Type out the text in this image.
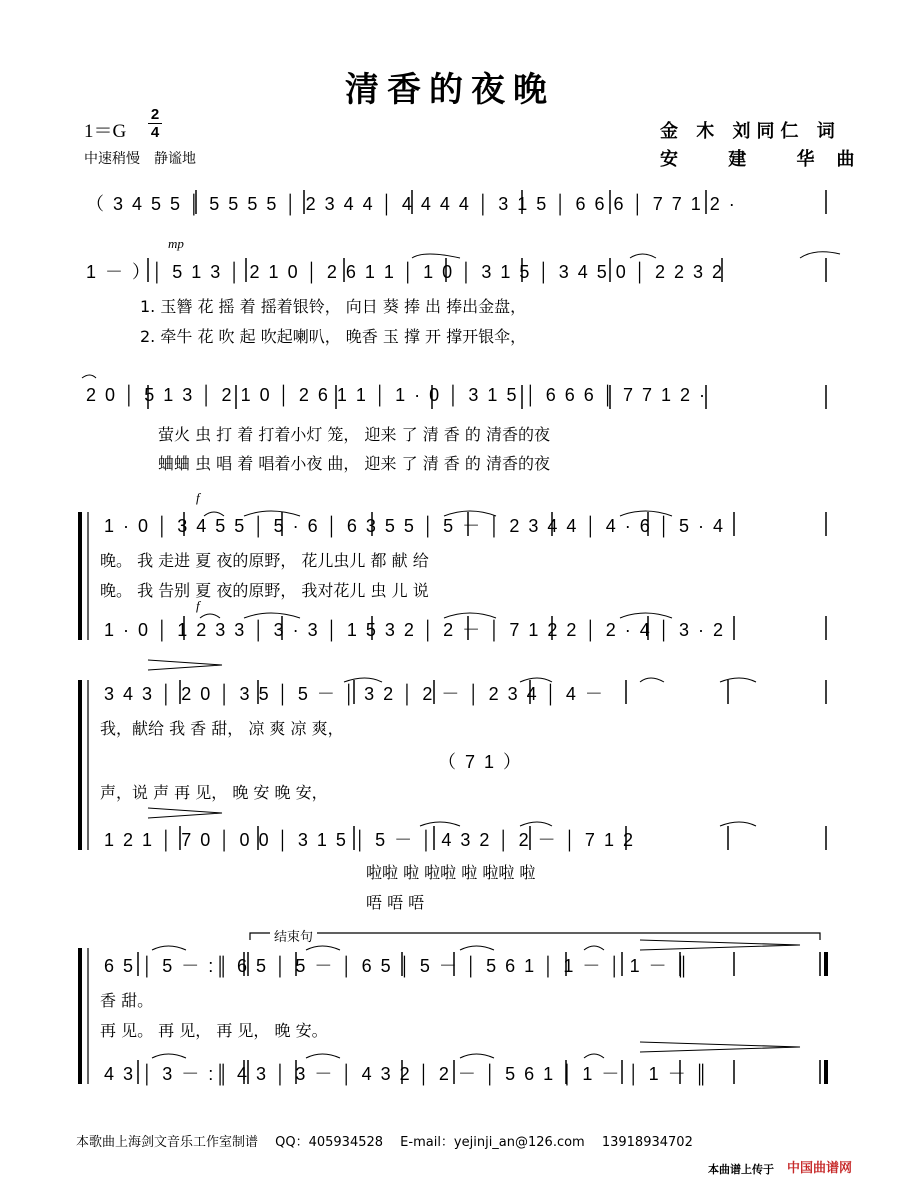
清香的夜晚
1＝G
2
4
中速稍慢　静谧地
金 木 刘同仁 词
安 建 华曲
（ 3 4 5 5 │ 5 5 5 5 │ 2 3 4 4 │ 4 4 4 4 │ 3 1 5 │ 6 6 6 │ 7 7 1 2 ·
mp
1 － ）│ 5 1 3 │ 2 1 0 │ 2 6 1 1 │ 1 0 │ 3 1 5 │ 3 4 5 0 │ 2 2 3 2
1. 玉簪 花 摇 着 摇着银铃， 向日 葵 捧 出 捧出金盘，
2. 牵牛 花 吹 起 吹起喇叭， 晚香 玉 撑 开 撑开银伞，
2 0 │ 5 1 3 │ 2 1 0 │ 2 6 1 1 │ 1 · 0 │ 3 1 5 │ 6 6 6 │ 7 7 1 2 ·
萤火 虫 打 着 打着小灯 笼， 迎来 了 清 香 的 清香的夜
蛐蛐 虫 唱 着 唱着小夜 曲， 迎来 了 清 香 的 清香的夜
f
1 · 0 │ 3 4 5 5 │ 5 · 6 │ 6 3 5 5 │ 5 － │ 2 3 4 4 │ 4 · 6 │ 5 · 4
晚。 我 走进 夏 夜的原野， 花儿虫儿 都 献 给
晚。 我 告别 夏 夜的原野， 我对花儿 虫 儿 说
f
1 · 0 │ 1 2 3 3 │ 3 · 3 │ 1 5 3 2 │ 2 － │ 7 1 2 2 │ 2 · 4 │ 3 · 2
3 4 3 │ 2 0 │ 3 5 │ 5 － │ 3 2 │ 2 － │ 2 3 4 │ 4 －
我，献给 我 香 甜， 凉 爽 凉 爽，
（ 7 1 ）
声，说 声 再 见， 晚 安 晚 安，
1 2 1 │ 7 0 │ 0 0 │ 3 1 5 │ 5 － │ 4 3 2 │ 2 － │ 7 1 2
啦啦 啦 啦啦 啦 啦啦 啦
唔 唔 唔
结束句
6 5 │ 5 － :║ 6 5 │ 5 － │ 6 5 │ 5 － │ 5 6 1 │ 1 － │ 1 － ║
香 甜。
再 见。 再 见， 再 见， 晚 安。
4 3 │ 3 － :║ 4 3 │ 3 － │ 4 3 2 │ 2 － │ 5 6 1 │ 1 － │ 1 － ║
本歌曲上海剑文音乐工作室制谱　 QQ：405934528　 E-mail：yejinji_an@126.com　 13918934702
本曲谱上传于 中国曲谱网
